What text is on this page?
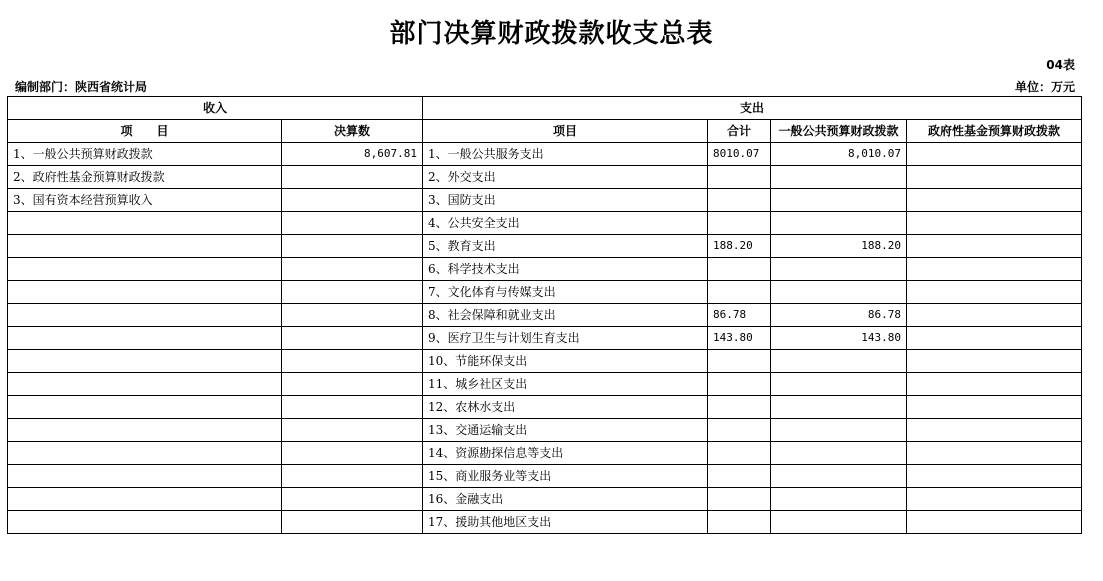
部门决算财政拨款收支总表
04表
编制部门：陕西省统计局	单位：万元
收入		支出			
项　　目	决算数	项目	合计	一般公共预算财政拨款	政府性基金预算财政拨款
1、一般公共预算财政拨款	8,607.81	1、一般公共服务支出	8010.07	8,010.07	
2、政府性基金预算财政拨款		2、外交支出			
3、国有资本经营预算收入		3、国防支出			
		4、公共安全支出			
		5、教育支出	188.20	188.20	
		6、科学技术支出			
		7、文化体育与传媒支出			
		8、社会保障和就业支出	86.78	86.78	
		9、医疗卫生与计划生育支出	143.80	143.80	
		10、节能环保支出			
		11、城乡社区支出			
		12、农林水支出			
		13、交通运输支出			
		14、资源勘探信息等支出			
		15、商业服务业等支出			
		16、金融支出			
		17、援助其他地区支出			
